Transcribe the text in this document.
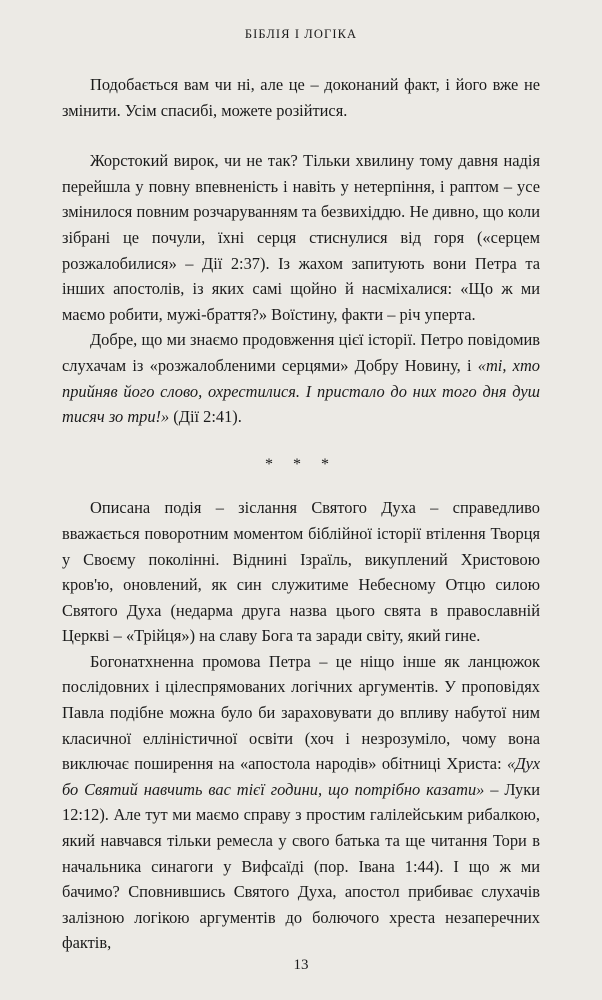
БІБЛІЯ І ЛОГІКА

Подобається вам чи ні, але це – доконаний факт, і його вже не змінити. Усім спасибі, можете розійтися.

Жорстокий вирок, чи не так? Тільки хвилину тому давня надія перейшла у повну впевненість і навіть у нетерпіння, і раптом – усе змінилося повним розчаруванням та безвихіддю. Не дивно, що коли зібрані це почули, їхні серця стиснулися від горя («серцем розжалобилися» – Дії 2:37). Із жахом запитують вони Петра та інших апостолів, із яких самі щойно й насміхалися: «Що ж ми маємо робити, мужі-браття?» Воїстину, факти – річ уперта.

Добре, що ми знаємо продовження цієї історії. Петро повідомив слухачам із «розжалобленими серцями» Добру Новину, і «ті, хто прийняв його слово, охрестилися. І пристало до них того дня душ тисяч зо три!» (Дії 2:41).

* * *

Описана подія – зіслання Святого Духа – справедливо вважається поворотним моментом біблійної історії втілення Творця у Своєму поколінні. Віднині Ізраїль, викуплений Христовою кров'ю, оновлений, як син служитиме Небесному Отцю силою Святого Духа (недарма друга назва цього свята в православній Церкві – «Трійця») на славу Бога та заради світу, який гине.

Богонатхненна промова Петра – це ніщо інше як ланцюжок послідовних і цілеспрямованих логічних аргументів. У проповідях Павла подібне можна було би зараховувати до впливу набутої ним класичної елліністичної освіти (хоч і незрозуміло, чому вона виключає поширення на «апостола народів» обітниці Христа: «Дух бо Святий навчить вас тієї години, що потрібно казати» – Луки 12:12). Але тут ми маємо справу з простим галілейським рибалкою, який навчався тільки ремесла у свого батька та ще читання Тори в начальника синагоги у Вифсаїді (пор. Івана 1:44). І що ж ми бачимо? Сповнившись Святого Духа, апостол прибиває слухачів залізною логікою аргументів до болючого хреста незаперечних фактів,

13
